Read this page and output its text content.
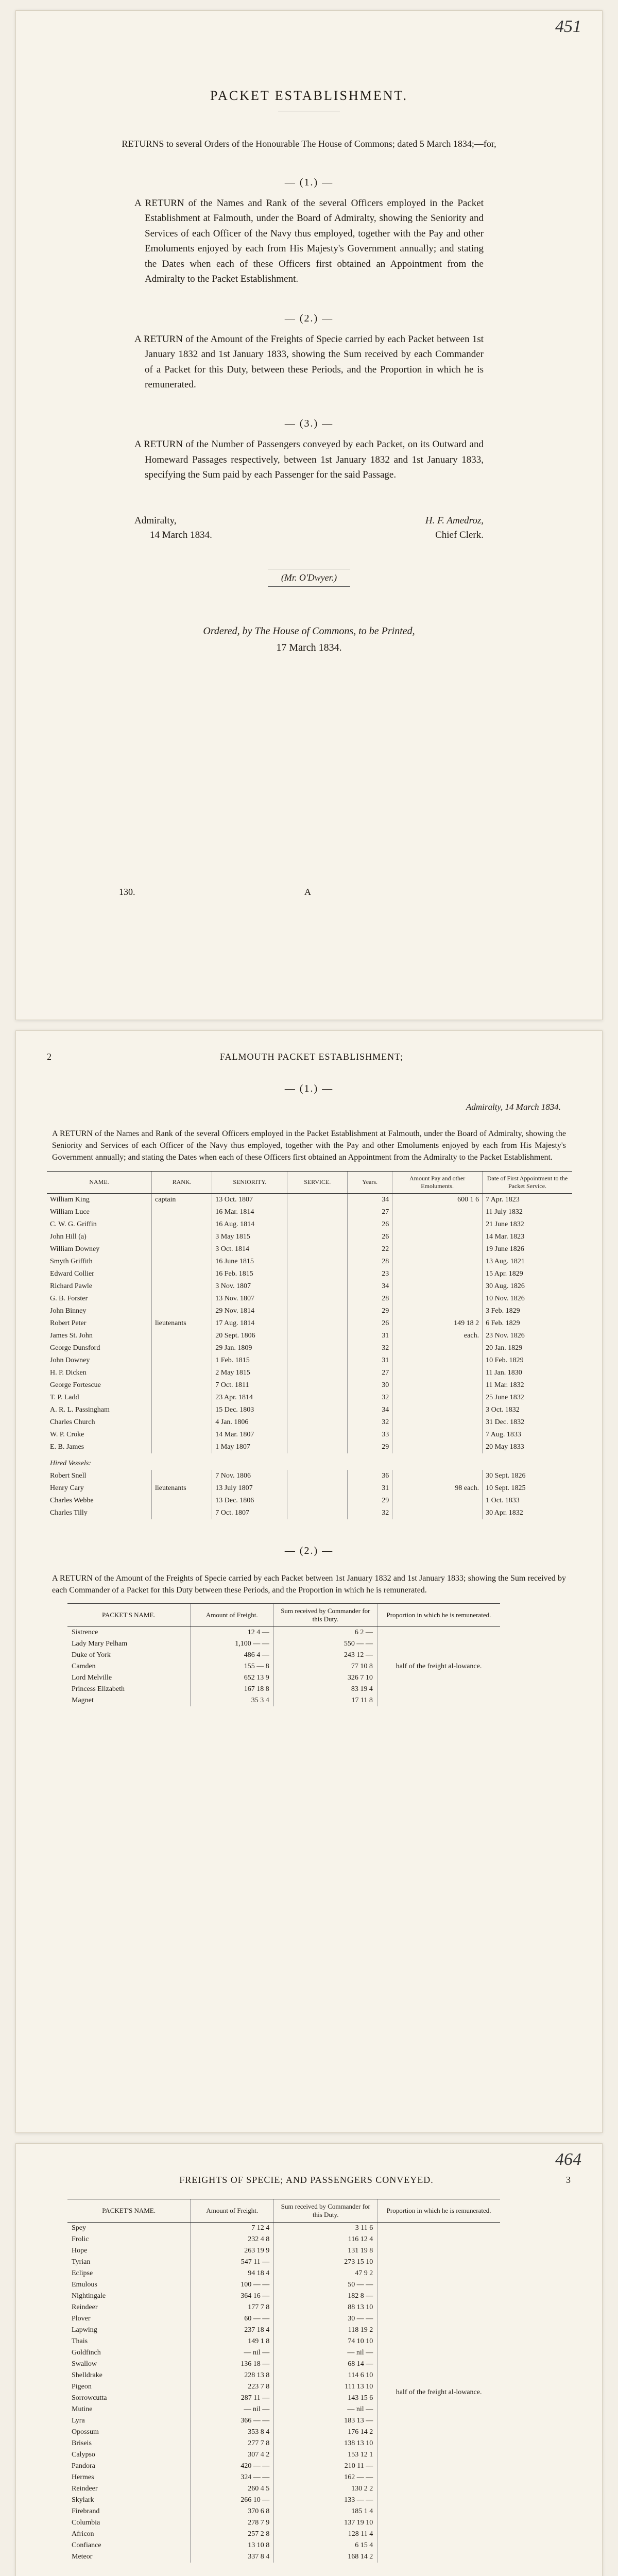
451
PACKET ESTABLISHMENT.
RETURNS to several Orders of the Honourable The House of Commons; dated 5 March 1834;—for,
— (1.) —
A RETURN of the Names and Rank of the several Officers employed in the Packet Establishment at Falmouth, under the Board of Admiralty, showing the Seniority and Services of each Officer of the Navy thus employed, together with the Pay and other Emoluments enjoyed by each from His Majesty's Government annually; and stating the Dates when each of these Officers first obtained an Appointment from the Admiralty to the Packet Establishment.
— (2.) —
A RETURN of the Amount of the Freights of Specie carried by each Packet between 1st January 1832 and 1st January 1833, showing the Sum received by each Commander of a Packet for this Duty, between these Periods, and the Proportion in which he is remunerated.
— (3.) —
A RETURN of the Number of Passengers conveyed by each Packet, on its Outward and Homeward Passages respectively, between 1st January 1832 and 1st January 1833, specifying the Sum paid by each Passenger for the said Passage.
Admiralty,
14 March 1834.
H. F. Amedroz,
Chief Clerk.
(Mr. O'Dwyer.)
Ordered, by The House of Commons, to be Printed,
17 March 1834.
130.	A
2	FALMOUTH PACKET ESTABLISHMENT;
— (1.) —
Admiralty, 14 March 1834.
A RETURN of the Names and Rank of the several Officers employed in the Packet Establishment at Falmouth, under the Board of Admiralty, showing the Seniority and Services of each Officer of the Navy thus employed, together with the Pay and other Emoluments enjoyed by each from His Majesty's Government annually; and stating the Dates when each of these Officers first obtained an Appointment from the Admiralty to the Packet Establishment.
NAME.	RANK.	SENIORITY.	SERVICE.	Years.	Amount Pay and other Emoluments.	Date of First Appointment to the Packet Service.
William King	captain	13 Oct. 1807		34	600 1 6	7 Apr. 1823
William Luce		16 Mar. 1814		27		11 July 1832
C. W. G. Griffin		16 Aug. 1814		26		21 June 1832
John Hill (a)		3 May 1815		26		14 Mar. 1823
William Downey		3 Oct. 1814		22		19 June 1826
Smyth Griffith		16 June 1815		28		13 Aug. 1821
Edward Collier		16 Feb. 1815		23		15 Apr. 1829
Richard Pawle		3 Nov. 1807		34		30 Aug. 1826
G. B. Forster		13 Nov. 1807		28		10 Nov. 1826
John Binney		29 Nov. 1814		29		3 Feb. 1829
Robert Peter	lieutenants	17 Aug. 1814		26	149 18 2	6 Feb. 1829
James St. John		20 Sept. 1806		31	each.	23 Nov. 1826
George Dunsford		29 Jan. 1809		32		20 Jan. 1829
John Downey		1 Feb. 1815		31		10 Feb. 1829
H. P. Dicken		2 May 1815		27		11 Jan. 1830
George Fortescue		7 Oct. 1811		30		11 Mar. 1832
T. P. Ladd		23 Apr. 1814		32		25 June 1832
A. R. L. Passingham		15 Dec. 1803		34		3 Oct. 1832
Charles Church		4 Jan. 1806		32		31 Dec. 1832
W. P. Croke		14 Mar. 1807		33		7 Aug. 1833
E. B. James		1 May 1807		29		20 May 1833
Hired Vessels:						
Robert Snell		7 Nov. 1806		36		30 Sept. 1826
Henry Cary	lieutenants	13 July 1807		31	98 each.	10 Sept. 1825
Charles Webbe		13 Dec. 1806		29		1 Oct. 1833
Charles Tilly		7 Oct. 1807		32		30 Apr. 1832
— (2.) —
A RETURN of the Amount of the Freights of Specie carried by each Packet between 1st January 1832 and 1st January 1833; showing the Sum received by each Commander of a Packet for this Duty between these Periods, and the Proportion in which he is remunerated.
PACKET'S NAME.	Amount of Freight.	Sum received by Commander for this Duty.	Proportion in which he is remunerated.
Sistrence	12 4 —	6 2 —	half of the freight al-lowance.
Lady Mary Pelham	1,100 — —	550 — —	
Duke of York	486 4 —	243 12 —	
Camden	155 — 8	77 10 8	
Lord Melville	652 13 9	326 7 10	
Princess Elizabeth	167 18 8	83 19 4	
Magnet	35 3 4	17 11 8	
464
FREIGHTS OF SPECIE; AND PASSENGERS CONVEYED.	3
PACKET'S NAME.	Amount of Freight.	Sum received by Commander for this Duty.	Proportion in which he is remunerated.
Spey	7 12 4	3 11 6	half of the freight al-lowance.
Frolic	232 4 8	116 12 4	
Hope	263 19 9	131 19 8	
Tyrian	547 11 —	273 15 10	
Eclipse	94 18 4	47 9 2	
Emulous	100 — —	50 — —	
Nightingale	364 16 —	182 8 —	
Reindeer	177 7 8	88 13 10	
Plover	60 — —	30 — —	
Lapwing	237 18 4	118 19 2	
Thais	149 1 8	74 10 10	
Goldfinch	— nil —	— nil —	
Swallow	136 18 —	68 14 —	
Shelldrake	228 13 8	114 6 10	
Pigeon	223 7 8	111 13 10	
Sorrowcutta	287 11 —	143 15 6	
Mutine	— nil —	— nil —	
Lyra	366 — —	183 13 —	
Opossum	353 8 4	176 14 2	
Briseis	277 7 8	138 13 10	
Calypso	307 4 2	153 12 1	
Pandora	420 — —	210 11 —	
Hermes	324 — —	162 — —	
Reindeer	260 4 5	130 2 2	
Skylark	266 10 —	133 — —	
Firebrand	370 6 8	185 1 4	
Columbia	278 7 9	137 19 10	
Africon	257 2 8	128 11 4	
Confiance	13 10 8	6 15 4	
Meteor	337 8 4	168 14 2	
